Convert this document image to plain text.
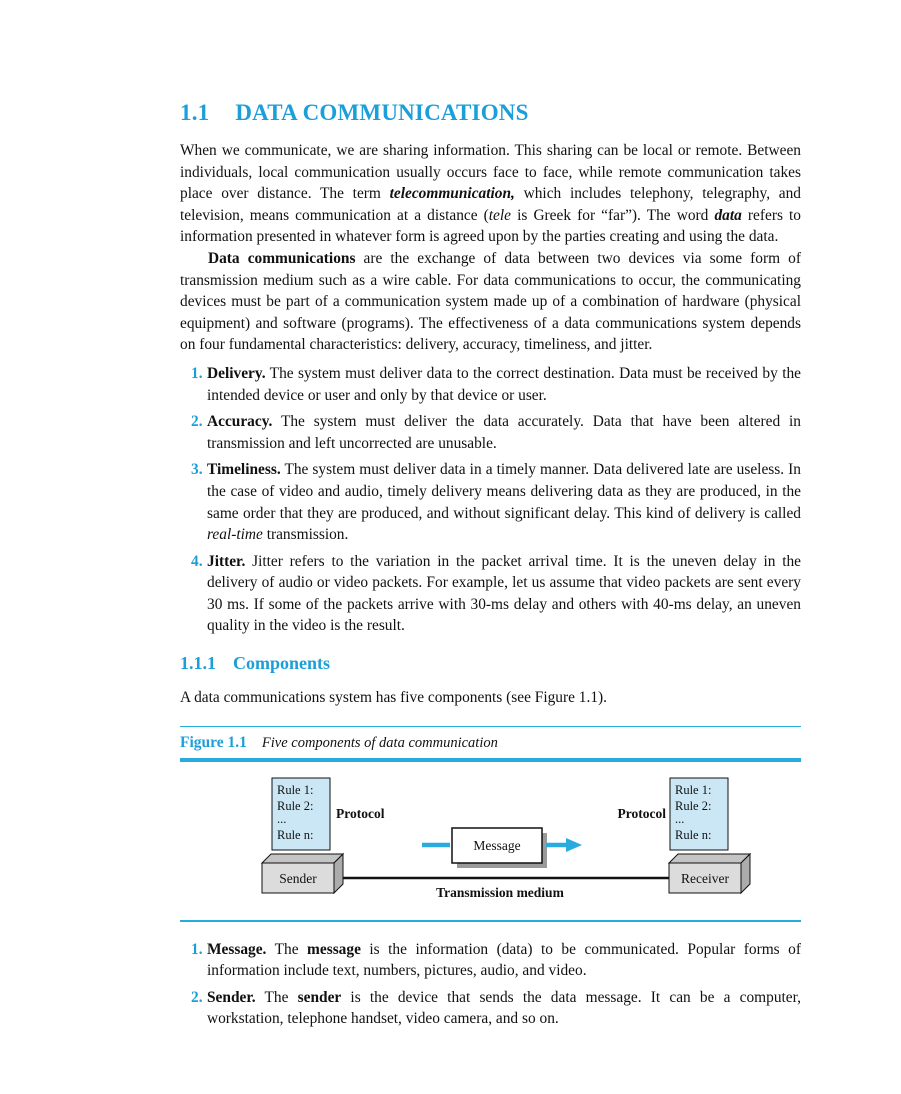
1.1 DATA COMMUNICATIONS

When we communicate, we are sharing information. This sharing can be local or remote. Between individuals, local communication usually occurs face to face, while remote communication takes place over distance. The term telecommunication, which includes telephony, telegraphy, and television, means communication at a distance (tele is Greek for “far”). The word data refers to information presented in whatever form is agreed upon by the parties creating and using the data.

Data communications are the exchange of data between two devices via some form of transmission medium such as a wire cable. For data communications to occur, the communicating devices must be part of a communication system made up of a combination of hardware (physical equipment) and software (programs). The effectiveness of a data communications system depends on four fundamental characteristics: delivery, accuracy, timeliness, and jitter.

1. Delivery. The system must deliver data to the correct destination. Data must be received by the intended device or user and only by that device or user.
2. Accuracy. The system must deliver the data accurately. Data that have been altered in transmission and left uncorrected are unusable.
3. Timeliness. The system must deliver data in a timely manner. Data delivered late are useless. In the case of video and audio, timely delivery means delivering data as they are produced, in the same order that they are produced, and without significant delay. This kind of delivery is called real-time transmission.
4. Jitter. Jitter refers to the variation in the packet arrival time. It is the uneven delay in the delivery of audio or video packets. For example, let us assume that video packets are sent every 30 ms. If some of the packets arrive with 30-ms delay and others with 40-ms delay, an uneven quality in the video is the result.
1.1.1 Components

A data communications system has five components (see Figure 1.1).

Figure 1.1 Five components of data communication
Transmission medium
Rule 1:
Rule 2:
...
Rule n:
Protocol
Rule 1:
Rule 2:
...
Rule n:
Protocol
Message
Sender	Receiver
1. Message. The message is the information (data) to be communicated. Popular forms of information include text, numbers, pictures, audio, and video.
2. Sender. The sender is the device that sends the data message. It can be a computer, workstation, telephone handset, video camera, and so on.
